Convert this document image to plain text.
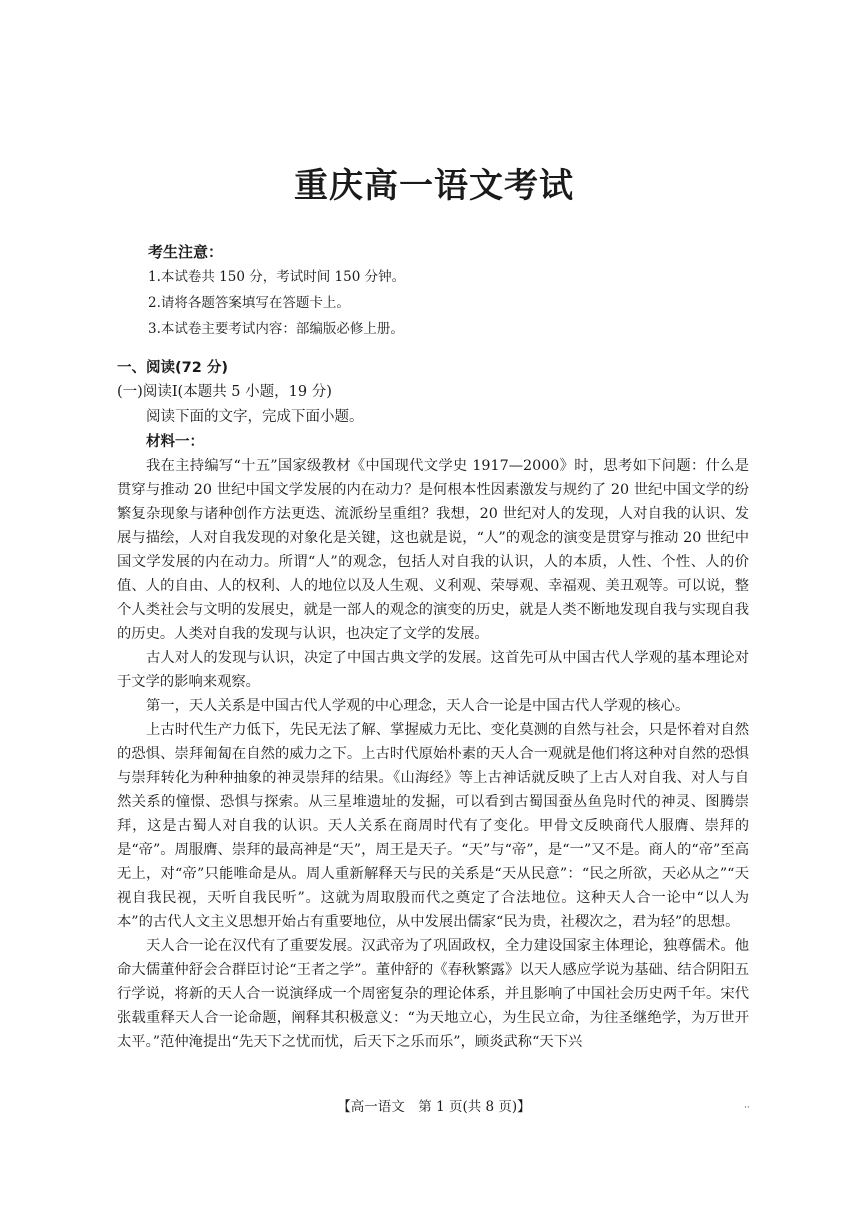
重庆高一语文考试
考生注意：
1.本试卷共 150 分，考试时间 150 分钟。
2.请将各题答案填写在答题卡上。
3.本试卷主要考试内容：部编版必修上册。
一、阅读(72 分)
(一)阅读Ⅰ(本题共 5 小题，19 分)
阅读下面的文字，完成下面小题。
材料一：

我在主持编写“十五”国家级教材《中国现代文学史 1917—2000》时，思考如下问题：什么是贯穿与推动 20 世纪中国文学发展的内在动力？是何根本性因素激发与规约了 20 世纪中国文学的纷繁复杂现象与诸种创作方法更迭、流派纷呈重组？我想，20 世纪对人的发现，人对自我的认识、发展与描绘，人对自我发现的对象化是关键，这也就是说，“人”的观念的演变是贯穿与推动 20 世纪中国文学发展的内在动力。所谓“人”的观念，包括人对自我的认识，人的本质，人性、个性、人的价值、人的自由、人的权利、人的地位以及人生观、义利观、荣辱观、幸福观、美丑观等。可以说，整个人类社会与文明的发展史，就是一部人的观念的演变的历史，就是人类不断地发现自我与实现自我的历史。人类对自我的发现与认识，也决定了文学的发展。

古人对人的发现与认识，决定了中国古典文学的发展。这首先可从中国古代人学观的基本理论对于文学的影响来观察。

第一，天人关系是中国古代人学观的中心理念，天人合一论是中国古代人学观的核心。

上古时代生产力低下，先民无法了解、掌握威力无比、变化莫测的自然与社会，只是怀着对自然的恐惧、崇拜匍匐在自然的威力之下。上古时代原始朴素的天人合一观就是他们将这种对自然的恐惧与崇拜转化为种种抽象的神灵崇拜的结果。《山海经》等上古神话就反映了上古人对自我、对人与自然关系的憧憬、恐惧与探索。从三星堆遗址的发掘，可以看到古蜀国蚕丛鱼凫时代的神灵、图腾崇拜，这是古蜀人对自我的认识。天人关系在商周时代有了变化。甲骨文反映商代人服膺、崇拜的是“帝”。周服膺、崇拜的最高神是“天”，周王是天子。“天”与“帝”，是“一”又不是。商人的“帝”至高无上，对“帝”只能唯命是从。周人重新解释天与民的关系是“天从民意”：“民之所欲，天必从之”“天视自我民视，天听自我民听”。这就为周取殷而代之奠定了合法地位。这种天人合一论中“以人为本”的古代人文主义思想开始占有重要地位，从中发展出儒家“民为贵，社稷次之，君为轻”的思想。

天人合一论在汉代有了重要发展。汉武帝为了巩固政权，全力建设国家主体理论，独尊儒术。他命大儒董仲舒会合群臣讨论“王者之学”。董仲舒的《春秋繁露》以天人感应学说为基础、结合阴阳五行学说，将新的天人合一说演绎成一个周密复杂的理论体系，并且影响了中国社会历史两千年。宋代张载重释天人合一论命题，阐释其积极意义：“为天地立心，为生民立命，为往圣继绝学，为万世开太平。”范仲淹提出“先天下之忧而忧，后天下之乐而乐”，顾炎武称“天下兴

【高一语文　第 1 页(共 8 页)】	··
